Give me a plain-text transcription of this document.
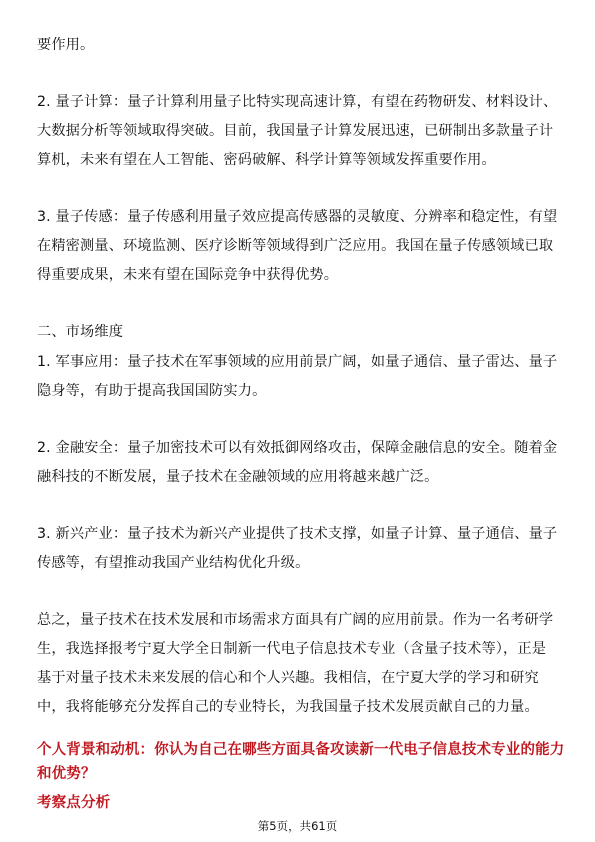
要作用。
2. 量子计算：量子计算利用量子比特实现高速计算，有望在药物研发、材料设计、
大数据分析等领域取得突破。目前，我国量子计算发展迅速，已研制出多款量子计
算机，未来有望在人工智能、密码破解、科学计算等领域发挥重要作用。
3. 量子传感：量子传感利用量子效应提高传感器的灵敏度、分辨率和稳定性，有望
在精密测量、环境监测、医疗诊断等领域得到广泛应用。我国在量子传感领域已取
得重要成果，未来有望在国际竞争中获得优势。
二、市场维度
1. 军事应用：量子技术在军事领域的应用前景广阔，如量子通信、量子雷达、量子
隐身等，有助于提高我国国防实力。
2. 金融安全：量子加密技术可以有效抵御网络攻击，保障金融信息的安全。随着金
融科技的不断发展，量子技术在金融领域的应用将越来越广泛。
3. 新兴产业：量子技术为新兴产业提供了技术支撑，如量子计算、量子通信、量子
传感等，有望推动我国产业结构优化升级。
总之，量子技术在技术发展和市场需求方面具有广阔的应用前景。作为一名考研学
生，我选择报考宁夏大学全日制新一代电子信息技术专业（含量子技术等），正是
基于对量子技术未来发展的信心和个人兴趣。我相信，在宁夏大学的学习和研究
中，我将能够充分发挥自己的专业特长，为我国量子技术发展贡献自己的力量。
个人背景和动机：你认为自己在哪些方面具备攻读新一代电子信息技术专业的能力
和优势？
考察点分析
第5页，共61页
